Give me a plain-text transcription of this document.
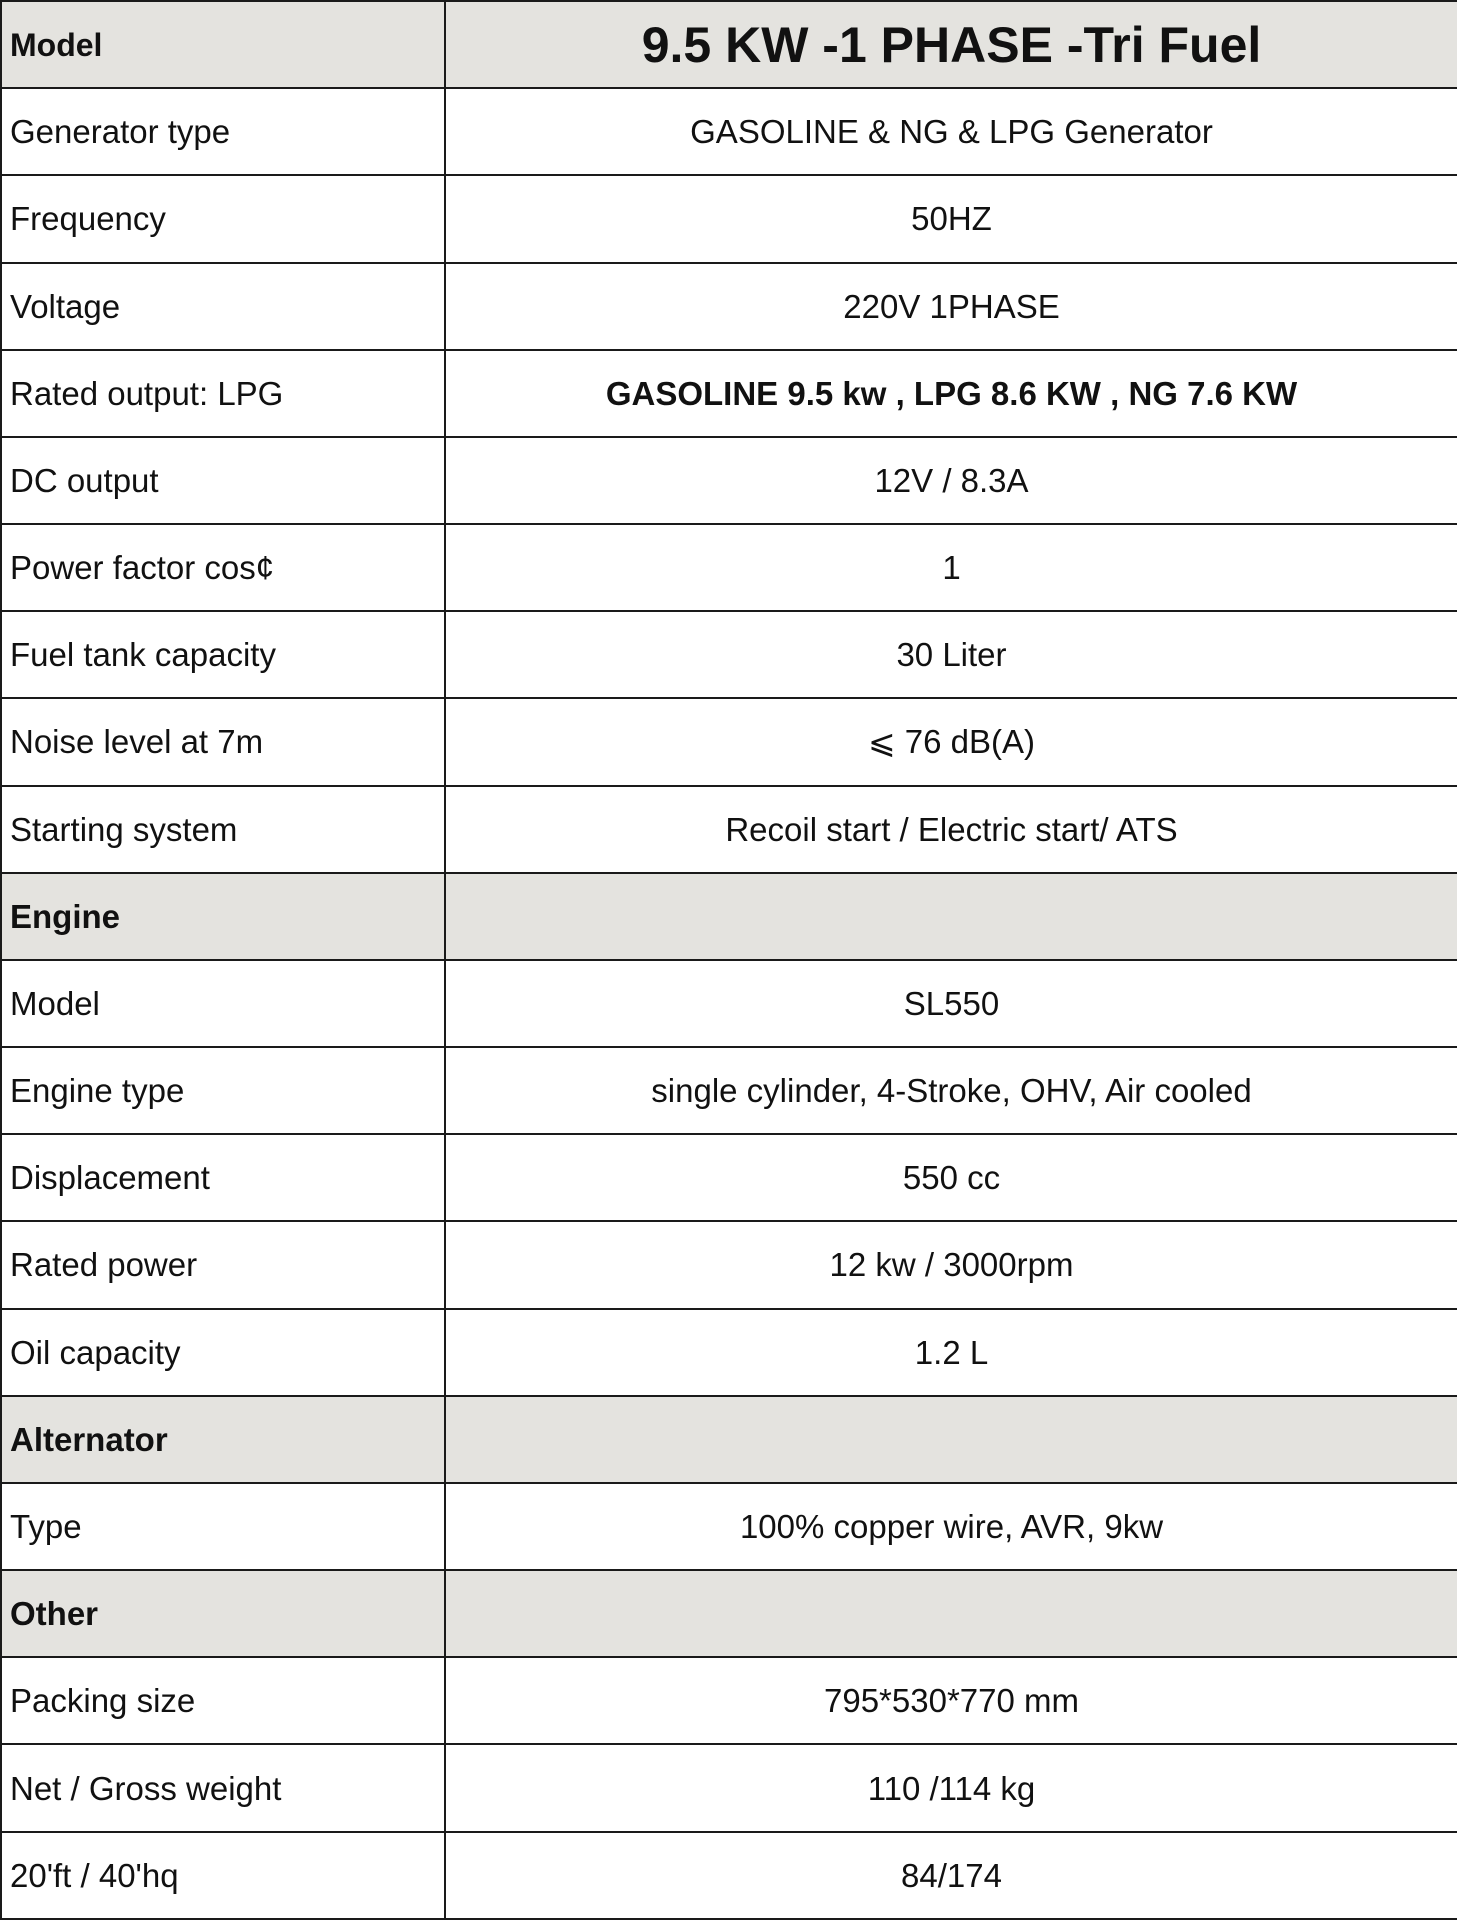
Model	9.5 KW -1 PHASE -Tri Fuel
Generator type	GASOLINE & NG & LPG Generator
Frequency	50HZ
Voltage	220V 1PHASE
Rated output: LPG	GASOLINE 9.5 kw , LPG 8.6 KW , NG 7.6 KW
DC output	12V / 8.3A
Power factor cos¢	1
Fuel tank capacity	30 Liter
Noise level at 7m	⩽ 76 dB(A)
Starting system	Recoil start / Electric start/ ATS
Engine	
Model	SL550
Engine type	single cylinder, 4-Stroke, OHV, Air cooled
Displacement	550 cc
Rated power	12 kw / 3000rpm
Oil capacity	1.2 L
Alternator	
Type	100% copper wire, AVR, 9kw
Other	
Packing size	795*530*770 mm
Net / Gross weight	110 /114 kg
20'ft / 40'hq	84/174
